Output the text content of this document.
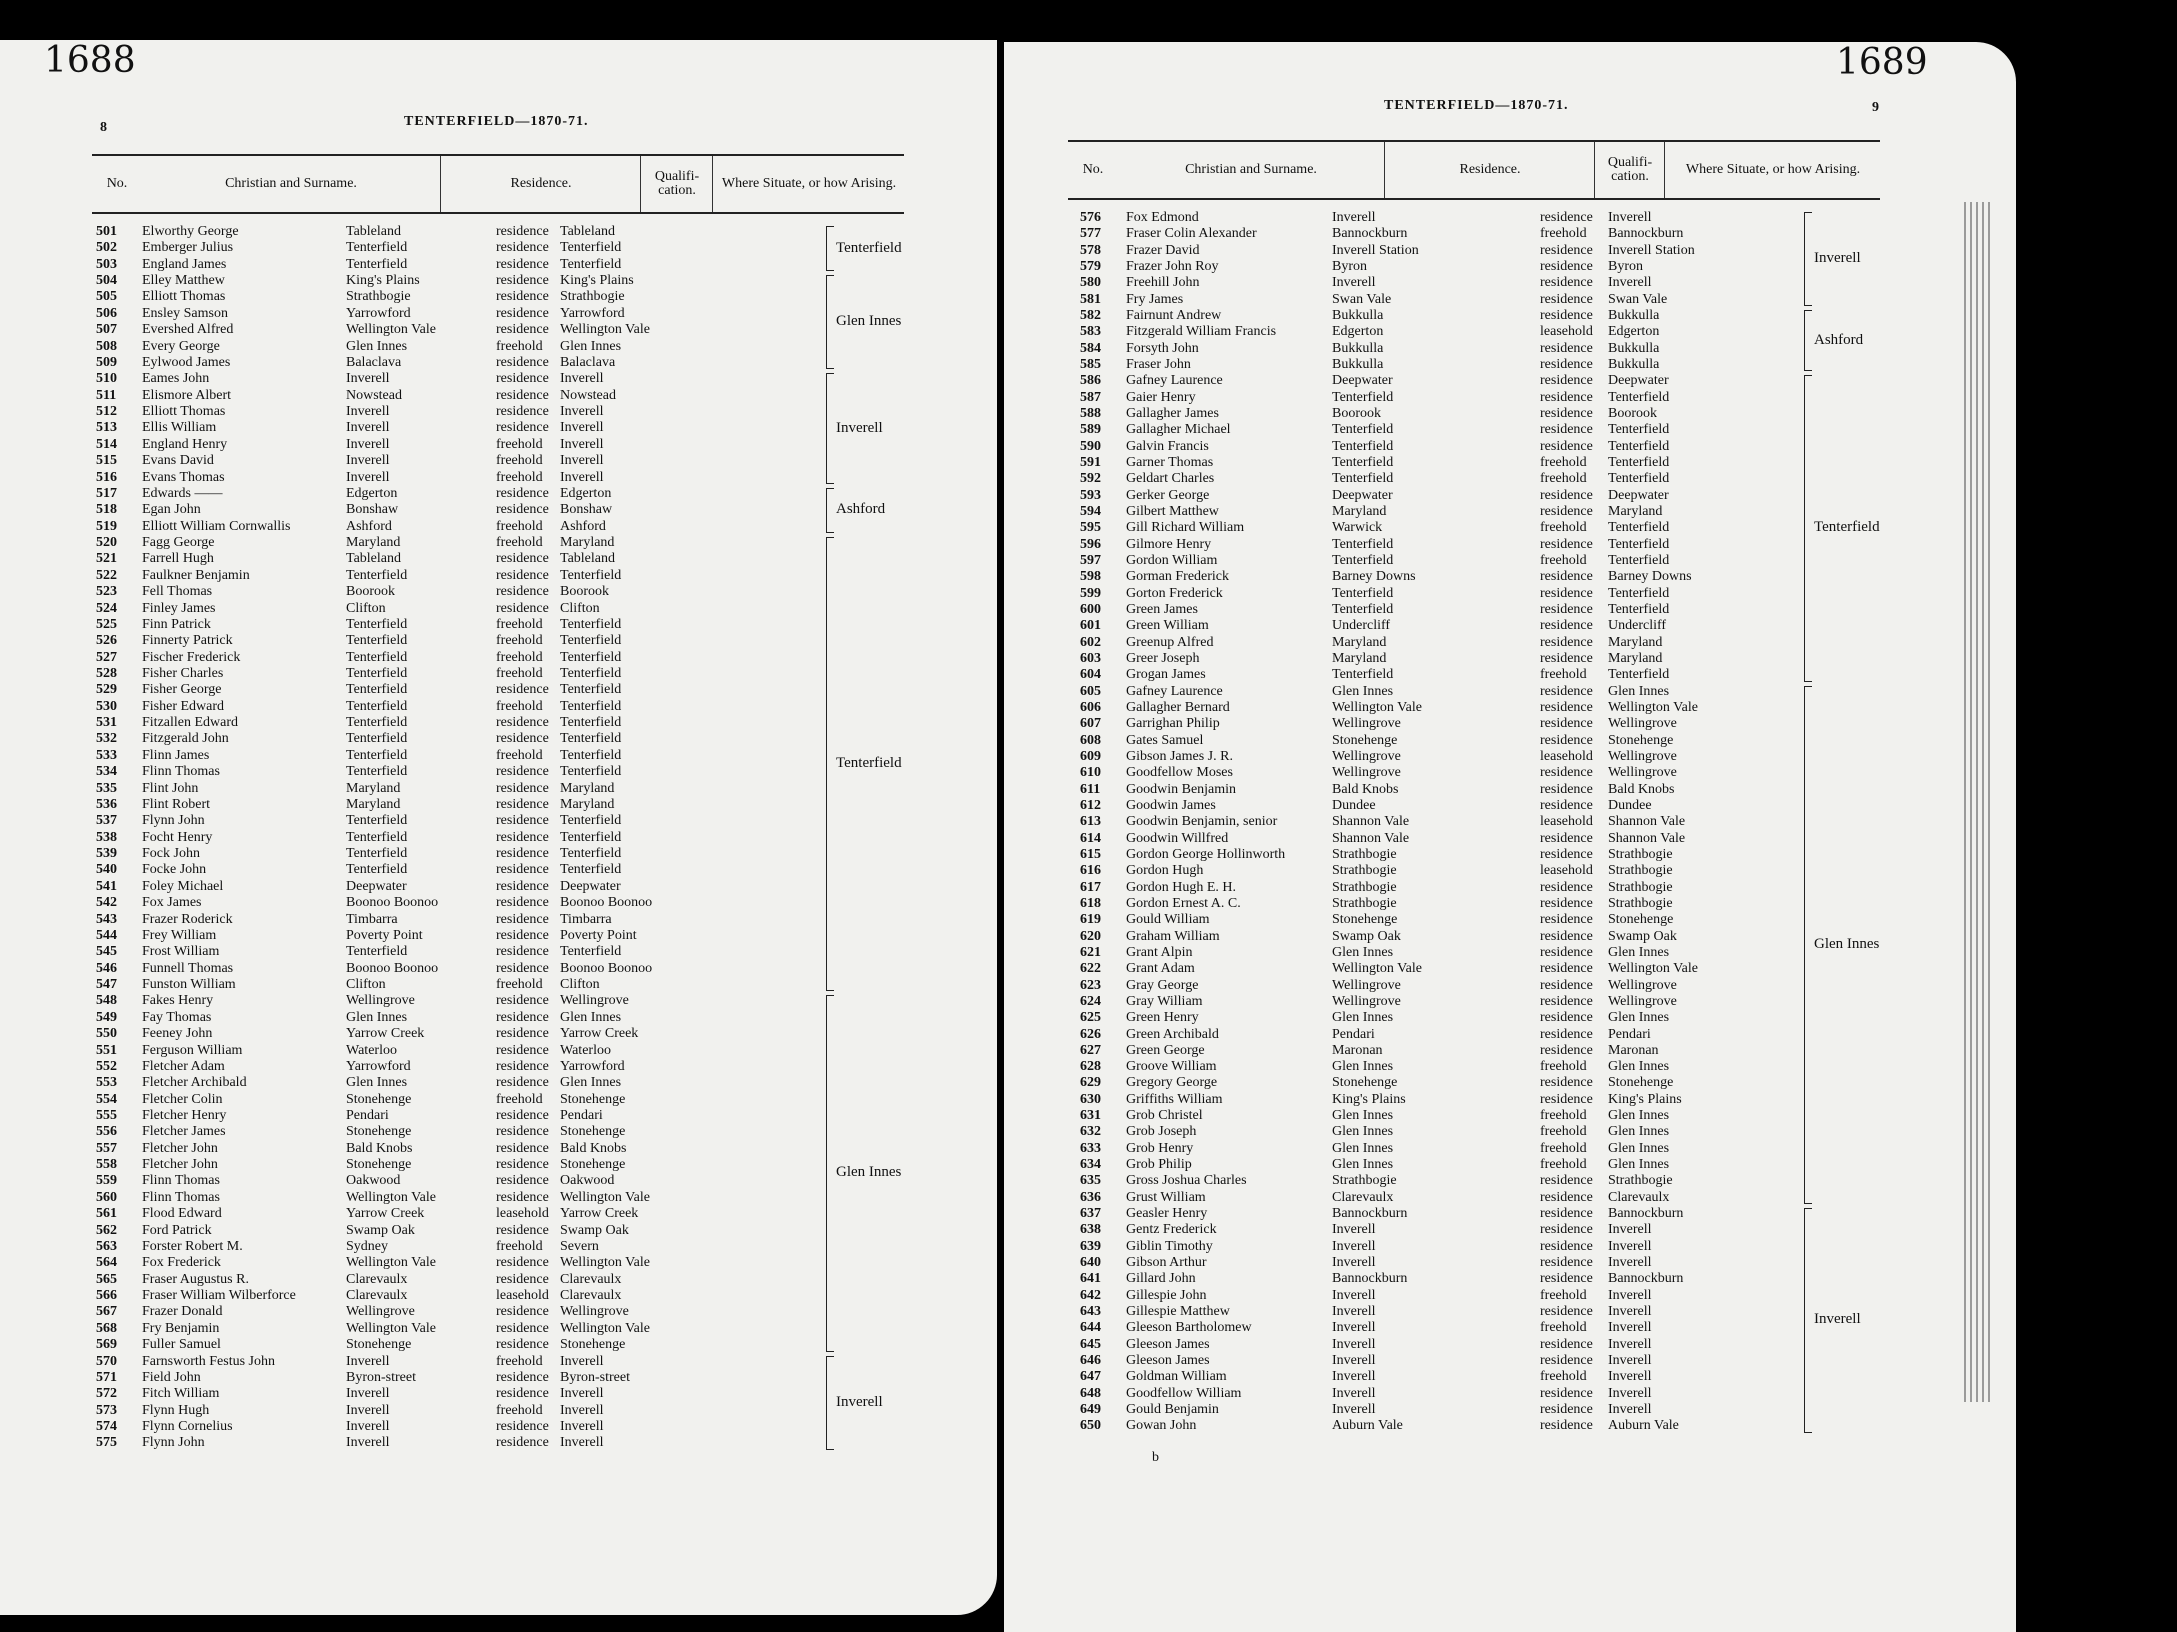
1688
8	TENTERFIELD—1870-71.
No.	Christian and Surname.	Residence.	Qualifi- cation.	Where Situate, or how Arising.
501 Elworthy George	Tableland	residence Tableland
502 Emberger Julius	Tenterfield	residence Tenterfield
503 England James	Tenterfield	residence Tenterfield
504 Elley Matthew	King's Plains	residence King's Plains
505 Elliott Thomas	Strathbogie	residence Strathbogie
506 Ensley Samson	Yarrowford	residence Yarrowford
507 Evershed Alfred	Wellington Vale	residence Wellington Vale
508 Every George	Glen Innes	freehold Glen Innes
509 Eylwood James	Balaclava	residence Balaclava
510 Eames John	Inverell	residence Inverell
511 Elismore Albert	Nowstead	residence Nowstead
512 Elliott Thomas	Inverell	residence Inverell
513 Ellis William	Inverell	residence Inverell
514 England Henry	Inverell	freehold Inverell
515 Evans David	Inverell	freehold Inverell
516 Evans Thomas	Inverell	freehold Inverell
517 Edwards ——	Edgerton	residence Edgerton
518 Egan John	Bonshaw	residence Bonshaw
519 Elliott William Cornwallis	Ashford	freehold Ashford
520 Fagg George	Maryland	freehold Maryland
521 Farrell Hugh	Tableland	residence Tableland
522 Faulkner Benjamin	Tenterfield	residence Tenterfield
523 Fell Thomas	Boorook	residence Boorook
524 Finley James	Clifton	residence Clifton
525 Finn Patrick	Tenterfield	freehold Tenterfield
526 Finnerty Patrick	Tenterfield	freehold Tenterfield
527 Fischer Frederick	Tenterfield	freehold Tenterfield
528 Fisher Charles	Tenterfield	freehold Tenterfield
529 Fisher George	Tenterfield	residence Tenterfield
530 Fisher Edward	Tenterfield	freehold Tenterfield
531 Fitzallen Edward	Tenterfield	residence Tenterfield
532 Fitzgerald John	Tenterfield	residence Tenterfield
533 Flinn James	Tenterfield	freehold Tenterfield
534 Flinn Thomas	Tenterfield	residence Tenterfield
535 Flint John	Maryland	residence Maryland
536 Flint Robert	Maryland	residence Maryland
537 Flynn John	Tenterfield	residence Tenterfield
538 Focht Henry	Tenterfield	residence Tenterfield
539 Fock John	Tenterfield	residence Tenterfield
540 Focke John	Tenterfield	residence Tenterfield
541 Foley Michael	Deepwater	residence Deepwater
542 Fox James	Boonoo Boonoo	residence Boonoo Boonoo
543 Frazer Roderick	Timbarra	residence Timbarra
544 Frey William	Poverty Point	residence Poverty Point
545 Frost William	Tenterfield	residence Tenterfield
546 Funnell Thomas	Boonoo Boonoo	residence Boonoo Boonoo
547 Funston William	Clifton	freehold Clifton
548 Fakes Henry	Wellingrove	residence Wellingrove
549 Fay Thomas	Glen Innes	residence Glen Innes
550 Feeney John	Yarrow Creek	residence Yarrow Creek
551 Ferguson William	Waterloo	residence Waterloo
552 Fletcher Adam	Yarrowford	residence Yarrowford
553 Fletcher Archibald	Glen Innes	residence Glen Innes
554 Fletcher Colin	Stonehenge	freehold Stonehenge
555 Fletcher Henry	Pendari	residence Pendari
556 Fletcher James	Stonehenge	residence Stonehenge
557 Fletcher John	Bald Knobs	residence Bald Knobs
558 Fletcher John	Stonehenge	residence Stonehenge
559 Flinn Thomas	Oakwood	residence Oakwood
560 Flinn Thomas	Wellington Vale	residence Wellington Vale
561 Flood Edward	Yarrow Creek	leasehold Yarrow Creek
562 Ford Patrick	Swamp Oak	residence Swamp Oak
563 Forster Robert M.	Sydney	freehold Severn
564 Fox Frederick	Wellington Vale	residence Wellington Vale
565 Fraser Augustus R.	Clarevaulx	residence Clarevaulx
566 Fraser William Wilberforce	Clarevaulx	leasehold Clarevaulx
567 Frazer Donald	Wellingrove	residence Wellingrove
568 Fry Benjamin	Wellington Vale	residence Wellington Vale
569 Fuller Samuel	Stonehenge	residence Stonehenge
570 Farnsworth Festus John	Inverell	freehold Inverell
571 Field John	Byron-street	residence Byron-street
572 Fitch William	Inverell	residence Inverell
573 Flynn Hugh	Inverell	freehold Inverell
574 Flynn Cornelius	Inverell	residence Inverell
575 Flynn John	Inverell	residence Inverell
Tenterfield
Glen Innes
Inverell
Ashford
Tenterfield
Glen Innes
Inverell
1689
9
TENTERFIELD—1870-71.
No.	Christian and Surname.	Residence.	Qualifi- cation.	Where Situate, or how Arising.
576 Fox Edmond	Inverell	residence Inverell
577 Fraser Colin Alexander	Bannockburn	freehold Bannockburn
578 Frazer David	Inverell Station	residence Inverell Station
579 Frazer John Roy	Byron	residence Byron
580 Freehill John	Inverell	residence Inverell
581 Fry James	Swan Vale	residence Swan Vale
582 Fairnunt Andrew	Bukkulla	residence Bukkulla
583 Fitzgerald William Francis	Edgerton	leasehold Edgerton
584 Forsyth John	Bukkulla	residence Bukkulla
585 Fraser John	Bukkulla	residence Bukkulla
586 Gafney Laurence	Deepwater	residence Deepwater
587 Gaier Henry	Tenterfield	residence Tenterfield
588 Gallagher James	Boorook	residence Boorook
589 Gallagher Michael	Tenterfield	residence Tenterfield
590 Galvin Francis	Tenterfield	residence Tenterfield
591 Garner Thomas	Tenterfield	freehold Tenterfield
592 Geldart Charles	Tenterfield	freehold Tenterfield
593 Gerker George	Deepwater	residence Deepwater
594 Gilbert Matthew	Maryland	residence Maryland
595 Gill Richard William	Warwick	freehold Tenterfield
596 Gilmore Henry	Tenterfield	residence Tenterfield
597 Gordon William	Tenterfield	freehold Tenterfield
598 Gorman Frederick	Barney Downs	residence Barney Downs
599 Gorton Frederick	Tenterfield	residence Tenterfield
600 Green James	Tenterfield	residence Tenterfield
601 Green William	Undercliff	residence Undercliff
602 Greenup Alfred	Maryland	residence Maryland
603 Greer Joseph	Maryland	residence Maryland
604 Grogan James	Tenterfield	freehold Tenterfield
605 Gafney Laurence	Glen Innes	residence Glen Innes
606 Gallagher Bernard	Wellington Vale	residence Wellington Vale
607 Garrighan Philip	Wellingrove	residence Wellingrove
608 Gates Samuel	Stonehenge	residence Stonehenge
609 Gibson James J. R.	Wellingrove	leasehold Wellingrove
610 Goodfellow Moses	Wellingrove	residence Wellingrove
611 Goodwin Benjamin	Bald Knobs	residence Bald Knobs
612 Goodwin James	Dundee	residence Dundee
613 Goodwin Benjamin, senior	Shannon Vale	leasehold Shannon Vale
614 Goodwin Willfred	Shannon Vale	residence Shannon Vale
615 Gordon George Hollinworth	Strathbogie	residence Strathbogie
616 Gordon Hugh	Strathbogie	leasehold Strathbogie
617 Gordon Hugh E. H.	Strathbogie	residence Strathbogie
618 Gordon Ernest A. C.	Strathbogie	residence Strathbogie
619 Gould William	Stonehenge	residence Stonehenge
620 Graham William	Swamp Oak	residence Swamp Oak
621 Grant Alpin	Glen Innes	residence Glen Innes
622 Grant Adam	Wellington Vale	residence Wellington Vale
623 Gray George	Wellingrove	residence Wellingrove
624 Gray William	Wellingrove	residence Wellingrove
625 Green Henry	Glen Innes	residence Glen Innes
626 Green Archibald	Pendari	residence Pendari
627 Green George	Maronan	residence Maronan
628 Groove William	Glen Innes	freehold Glen Innes
629 Gregory George	Stonehenge	residence Stonehenge
630 Griffiths William	King's Plains	residence King's Plains
631 Grob Christel	Glen Innes	freehold Glen Innes
632 Grob Joseph	Glen Innes	freehold Glen Innes
633 Grob Henry	Glen Innes	freehold Glen Innes
634 Grob Philip	Glen Innes	freehold Glen Innes
635 Gross Joshua Charles	Strathbogie	residence Strathbogie
636 Grust William	Clarevaulx	residence Clarevaulx
637 Geasler Henry	Bannockburn	residence Bannockburn
638 Gentz Frederick	Inverell	residence Inverell
639 Giblin Timothy	Inverell	residence Inverell
640 Gibson Arthur	Inverell	residence Inverell
641 Gillard John	Bannockburn	residence Bannockburn
642 Gillespie John	Inverell	freehold Inverell
643 Gillespie Matthew	Inverell	residence Inverell
644 Gleeson Bartholomew	Inverell	freehold Inverell
645 Gleeson James	Inverell	residence Inverell
646 Gleeson James	Inverell	residence Inverell
647 Goldman William	Inverell	freehold Inverell
648 Goodfellow William	Inverell	residence Inverell
649 Gould Benjamin	Inverell	residence Inverell
650 Gowan John	Auburn Vale	residence Auburn Vale
Inverell
Ashford
Tenterfield
Glen Innes
Inverell
b
